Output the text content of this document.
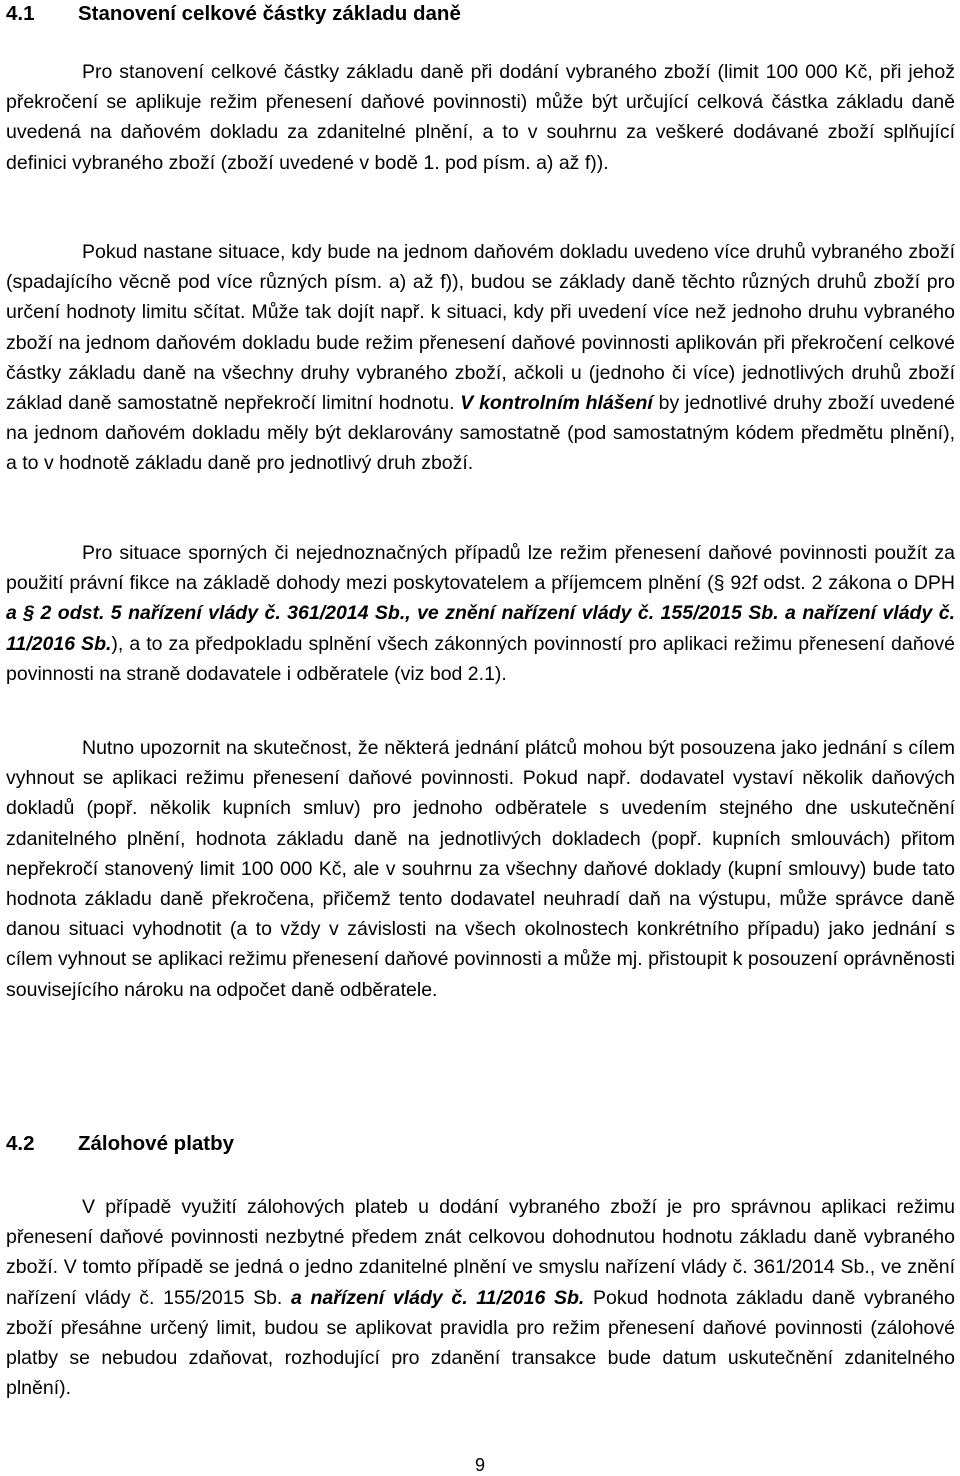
4.1 Stanovení celkové částky základu daně

Pro stanovení celkové částky základu daně při dodání vybraného zboží (limit 100 000 Kč, při jehož překročení se aplikuje režim přenesení daňové povinnosti) může být určující celková částka základu daně uvedená na daňovém dokladu za zdanitelné plnění, a to v souhrnu za veškeré dodávané zboží splňující definici vybraného zboží (zboží uvedené v bodě 1. pod písm. a) až f)).

Pokud nastane situace, kdy bude na jednom daňovém dokladu uvedeno více druhů vybraného zboží (spadajícího věcně pod více různých písm. a) až f)), budou se základy daně těchto různých druhů zboží pro určení hodnoty limitu sčítat. Může tak dojít např. k situaci, kdy při uvedení více než jednoho druhu vybraného zboží na jednom daňovém dokladu bude režim přenesení daňové povinnosti aplikován při překročení celkové částky základu daně na všechny druhy vybraného zboží, ačkoli u (jednoho či více) jednotlivých druhů zboží základ daně samostatně nepřekročí limitní hodnotu. V kontrolním hlášení by jednotlivé druhy zboží uvedené na jednom daňovém dokladu měly být deklarovány samostatně (pod samostatným kódem předmětu plnění), a to v hodnotě základu daně pro jednotlivý druh zboží.

Pro situace sporných či nejednoznačných případů lze režim přenesení daňové povinnosti použít za použití právní fikce na základě dohody mezi poskytovatelem a příjemcem plnění (§ 92f odst. 2 zákona o DPH a § 2 odst. 5 nařízení vlády č. 361/2014 Sb., ve znění nařízení vlády č. 155/2015 Sb. a nařízení vlády č. 11/2016 Sb.), a to za předpokladu splnění všech zákonných povinností pro aplikaci režimu přenesení daňové povinnosti na straně dodavatele i odběratele (viz bod 2.1).

Nutno upozornit na skutečnost, že některá jednání plátců mohou být posouzena jako jednání s cílem vyhnout se aplikaci režimu přenesení daňové povinnosti. Pokud např. dodavatel vystaví několik daňových dokladů (popř. několik kupních smluv) pro jednoho odběratele s uvedením stejného dne uskutečnění zdanitelného plnění, hodnota základu daně na jednotlivých dokladech (popř. kupních smlouvách) přitom nepřekročí stanovený limit 100 000 Kč, ale v souhrnu za všechny daňové doklady (kupní smlouvy) bude tato hodnota základu daně překročena, přičemž tento dodavatel neuhradí daň na výstupu, může správce daně danou situaci vyhodnotit (a to vždy v závislosti na všech okolnostech konkrétního případu) jako jednání s cílem vyhnout se aplikaci režimu přenesení daňové povinnosti a může mj. přistoupit k posouzení oprávněnosti souvisejícího nároku na odpočet daně odběratele.

4.2 Zálohové platby

V případě využití zálohových plateb u dodání vybraného zboží je pro správnou aplikaci režimu přenesení daňové povinnosti nezbytné předem znát celkovou dohodnutou hodnotu základu daně vybraného zboží. V tomto případě se jedná o jedno zdanitelné plnění ve smyslu nařízení vlády č. 361/2014 Sb., ve znění nařízení vlády č. 155/2015 Sb. a nařízení vlády č. 11/2016 Sb. Pokud hodnota základu daně vybraného zboží přesáhne určený limit, budou se aplikovat pravidla pro režim přenesení daňové povinnosti (zálohové platby se nebudou zdaňovat, rozhodující pro zdanění transakce bude datum uskutečnění zdanitelného plnění).

9
